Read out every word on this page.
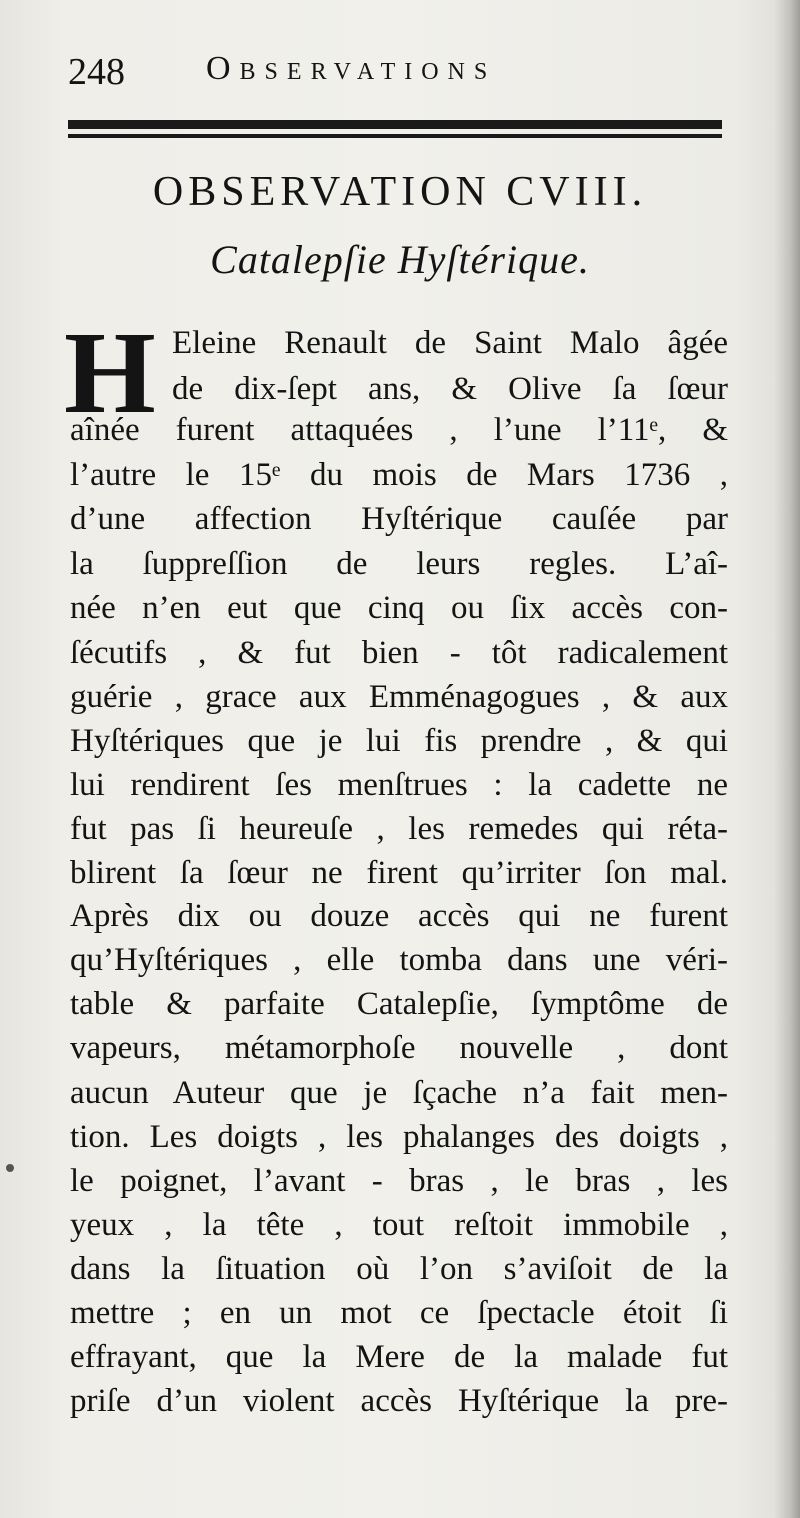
248 Observations
OBSERVATION CVIII.
Catalepſie Hyſtérique.
H Eleine Renault de Saint Malo âgée
de dix-ſept ans, & Olive ſa ſœur
aînée furent attaquées , l’une l’11ᵉ, &
l’autre le 15ᵉ du mois de Mars 1736 ,
d’une affection Hyſtérique cauſée par
la ſuppreſſion de leurs regles. L’aî-
née n’en eut que cinq ou ſix accès con-
ſécutifs , & fut bien - tôt radicalement
guérie , grace aux Emménagogues , & aux
Hyſtériques que je lui fis prendre , & qui
lui rendirent ſes menſtrues : la cadette ne
fut pas ſi heureuſe , les remedes qui réta-
blirent ſa ſœur ne firent qu’irriter ſon mal.
Après dix ou douze accès qui ne furent
qu’Hyſtériques , elle tomba dans une véri-
table & parfaite Catalepſie, ſymptôme de
vapeurs, métamorphoſe nouvelle , dont
aucun Auteur que je ſçache n’a fait men-
tion. Les doigts , les phalanges des doigts ,
le poignet, l’avant - bras , le bras , les
yeux , la tête , tout reſtoit immobile ,
dans la ſituation où l’on s’aviſoit de la
mettre ; en un mot ce ſpectacle étoit ſi
effrayant, que la Mere de la malade fut
priſe d’un violent accès Hyſtérique la pre-
